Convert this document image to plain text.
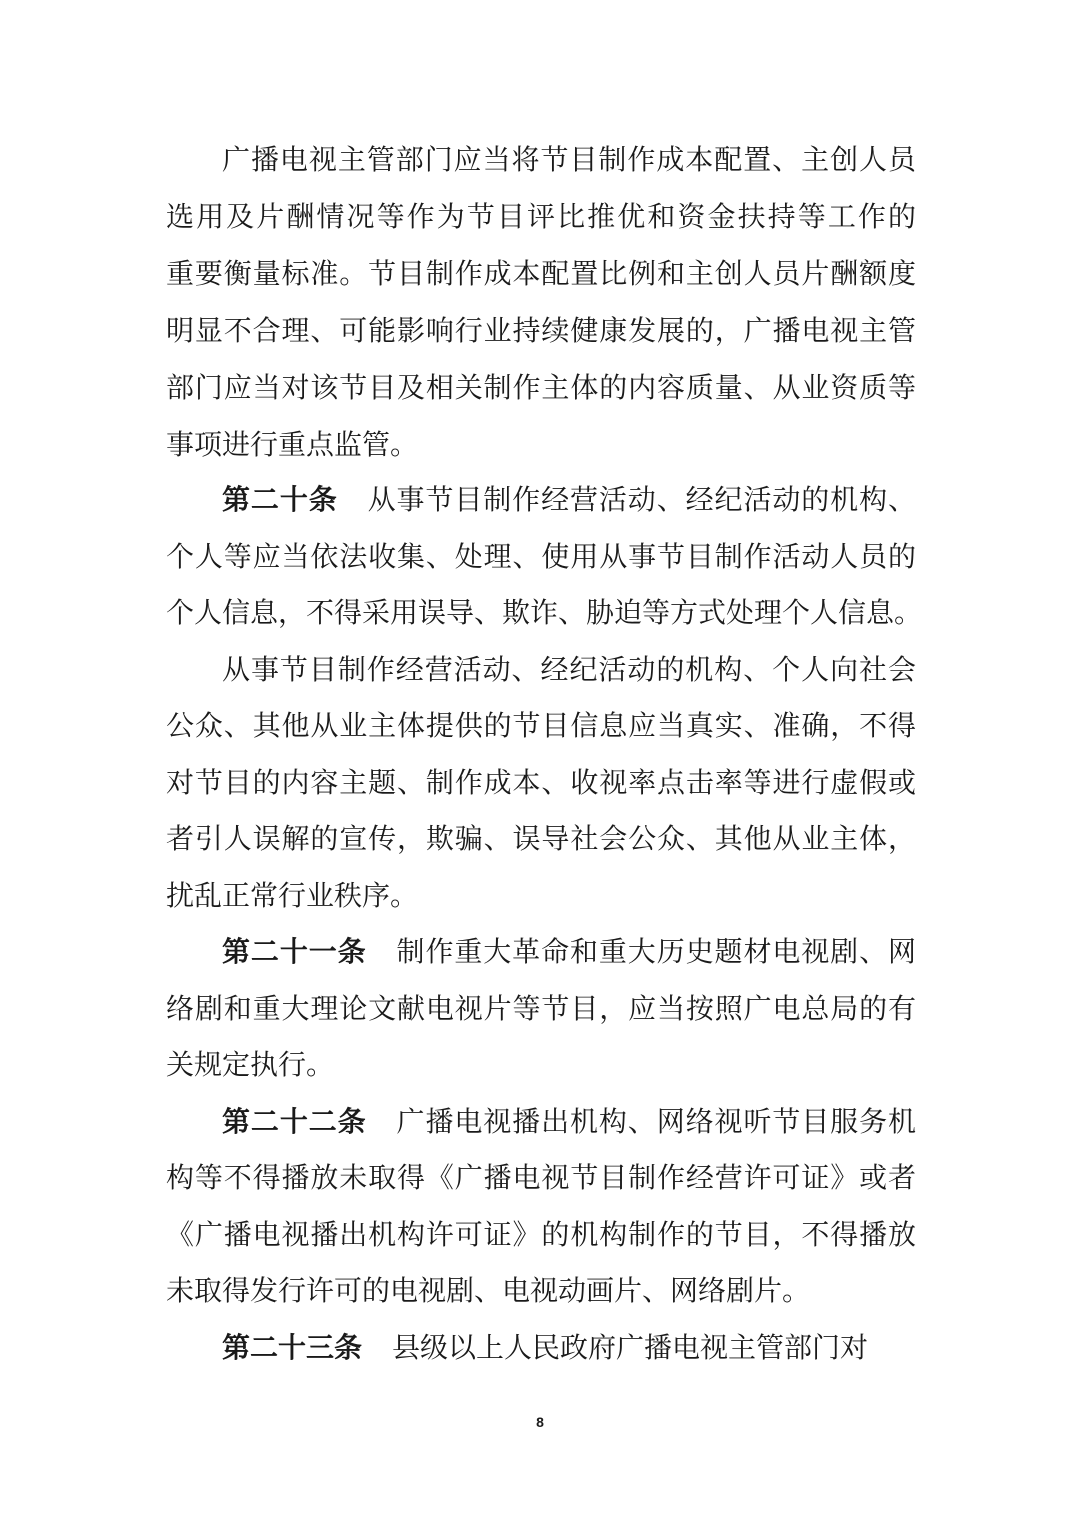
广播电视主管部门应当将节目制作成本配置、主创人员
选用及片酬情况等作为节目评比推优和资金扶持等工作的
重要衡量标准。节目制作成本配置比例和主创人员片酬额度
明显不合理、可能影响行业持续健康发展的，广播电视主管
部门应当对该节目及相关制作主体的内容质量、从业资质等
事项进行重点监管。
第二十条 从事节目制作经营活动、经纪活动的机构、
个人等应当依法收集、处理、使用从事节目制作活动人员的
个人信息，不得采用误导、欺诈、胁迫等方式处理个人信息。
从事节目制作经营活动、经纪活动的机构、个人向社会
公众、其他从业主体提供的节目信息应当真实、准确，不得
对节目的内容主题、制作成本、收视率点击率等进行虚假或
者引人误解的宣传，欺骗、误导社会公众、其他从业主体，
扰乱正常行业秩序。
第二十一条 制作重大革命和重大历史题材电视剧、网
络剧和重大理论文献电视片等节目，应当按照广电总局的有
关规定执行。
第二十二条 广播电视播出机构、网络视听节目服务机
构等不得播放未取得《广播电视节目制作经营许可证》或者
《广播电视播出机构许可证》的机构制作的节目，不得播放
未取得发行许可的电视剧、电视动画片、网络剧片。
第二十三条 县级以上人民政府广播电视主管部门对
8
